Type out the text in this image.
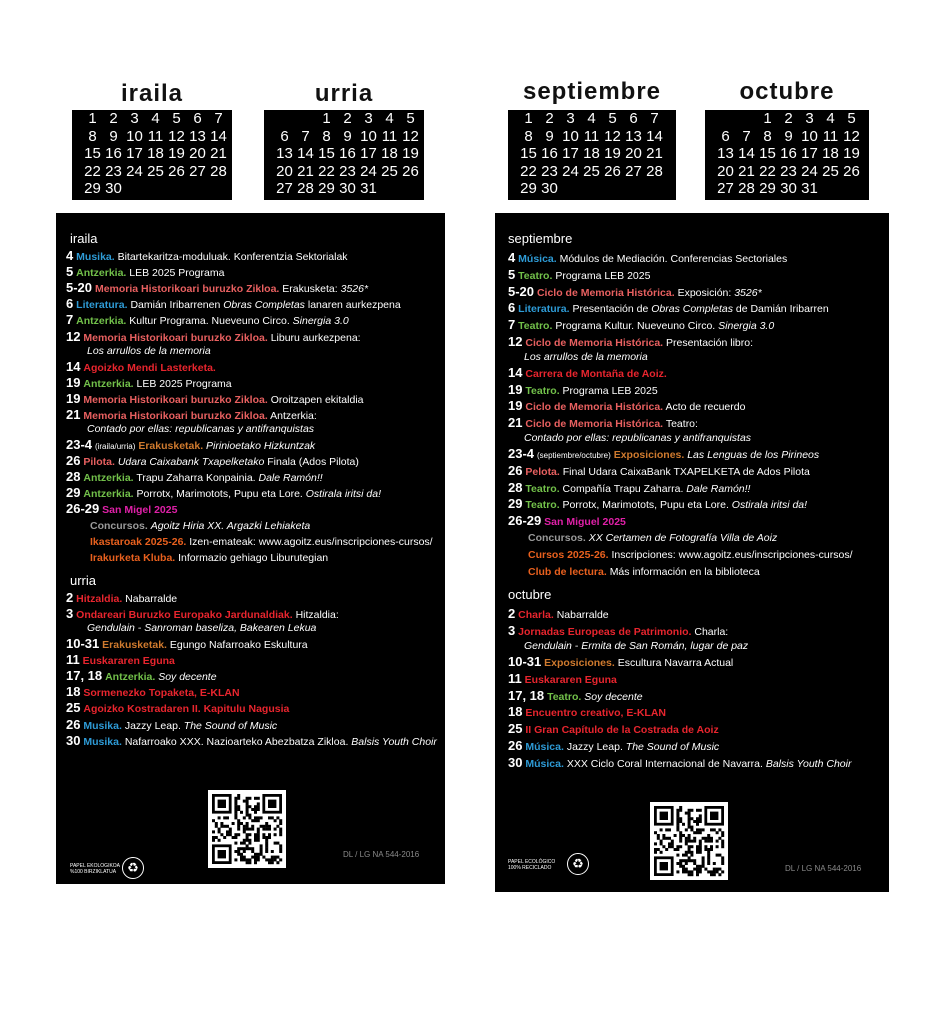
iraila	urria
1	2	3	4	5	6	7
8	9	10	11	12	13	14
15	16	17	18	19	20	21
22	23	24	25	26	27	28
29	30					
		1	2	3	4	5
6	7	8	9	10	11	12
13	14	15	16	17	18	19
20	21	22	23	24	25	26
27	28	29	30	31		
iraila
4 Musika. Bitartekaritza-moduluak. Konferentzia Sektorialak
5 Antzerkia. LEB 2025 Programa
5-20 Memoria Historikoari buruzko Zikloa. Erakusketa: 3526*
6 Literatura. Damián Iribarrenen Obras Completas lanaren aurkezpena
7 Antzerkia. Kultur Programa. Nueveuno Circo. Sinergia 3.0
12 Memoria Historikoari buruzko Zikloa. Liburu aurkezpena:
Los arrullos de la memoria
14 Agoizko Mendi Lasterketa.
19 Antzerkia. LEB 2025 Programa
19 Memoria Historikoari buruzko Zikloa. Oroitzapen ekitaldia
21 Memoria Historikoari buruzko Zikloa. Antzerkia:
Contado por ellas: republicanas y antifranquistas
23-4 (iraila/urria) Erakusketak. Pirinioetako Hizkuntzak
26 Pilota. Udara Caixabank Txapelketako Finala (Ados Pilota)
28 Antzerkia. Trapu Zaharra Konpainia. Dale Ramón!!
29 Antzerkia. Porrotx, Marimotots, Pupu eta Lore. Ostirala iritsi da!
26-29 San Migel 2025
Concursos. Agoitz Hiria XX. Argazki Lehiaketa
Ikastaroak 2025-26. Izen-emateak: www.agoitz.eus/inscripciones-cursos/
Irakurketa Kluba. Informazio gehiago Liburutegian
urria
2 Hitzaldia. Nabarralde
3 Ondareari Buruzko Europako Jardunaldiak. Hitzaldia:
Gendulain - Sanroman baseliza, Bakearen Lekua
10-31 Erakusketak. Egungo Nafarroako Eskultura
11 Euskararen Eguna
17, 18 Antzerkia. Soy decente
18 Sormenezko Topaketa, E-KLAN
25 Agoizko Kostradaren II. Kapitulu Nagusia
26 Musika. Jazzy Leap. The Sound of Music
30 Musika. Nafarroako XXX. Nazioarteko Abezbatza Zikloa. Balsis Youth Choir
PAPEL EKOLOGIKOA
%100 BIRZIKLATUA ♻
DL / LG NA 544-2016
septiembre	octubre
1	2	3	4	5	6	7
8	9	10	11	12	13	14
15	16	17	18	19	20	21
22	23	24	25	26	27	28
29	30					
		1	2	3	4	5
6	7	8	9	10	11	12
13	14	15	16	17	18	19
20	21	22	23	24	25	26
27	28	29	30	31		
septiembre
4 Música. Módulos de Mediación. Conferencias Sectoriales
5 Teatro. Programa LEB 2025
5-20 Ciclo de Memoria Histórica. Exposición: 3526*
6 Literatura. Presentación de Obras Completas de Damián Iribarren
7 Teatro. Programa Kultur. Nueveuno Circo. Sinergia 3.0
12 Ciclo de Memoria Histórica. Presentación libro:
Los arrullos de la memoria
14 Carrera de Montaña de Aoiz.
19 Teatro. Programa LEB 2025
19 Ciclo de Memoria Histórica. Acto de recuerdo
21 Ciclo de Memoria Histórica. Teatro:
Contado por ellas: republicanas y antifranquistas
23-4 (septiembre/octubre) Exposiciones. Las Lenguas de los Pirineos
26 Pelota. Final Udara CaixaBank TXAPELKETA de Ados Pilota
28 Teatro. Compañía Trapu Zaharra. Dale Ramón!!
29 Teatro. Porrotx, Marimotots, Pupu eta Lore. Ostirala iritsi da!
26-29 San Miguel 2025
Concursos. XX Certamen de Fotografía Villa de Aoiz
Cursos 2025-26. Inscripciones: www.agoitz.eus/inscripciones-cursos/
Club de lectura. Más información en la biblioteca
octubre
2 Charla. Nabarralde
3 Jornadas Europeas de Patrimonio. Charla:
Gendulain - Ermita de San Román, lugar de paz
10-31 Exposiciones. Escultura Navarra Actual
11 Euskararen Eguna
17, 18 Teatro. Soy decente
18 Encuentro creativo, E-KLAN
25 II Gran Capítulo de la Costrada de Aoiz
26 Música. Jazzy Leap. The Sound of Music
30 Música. XXX Ciclo Coral Internacional de Navarra. Balsis Youth Choir
PAPEL ECOLÓGICO
100% RECICLADO	♻	DL / LG NA 544-2016
